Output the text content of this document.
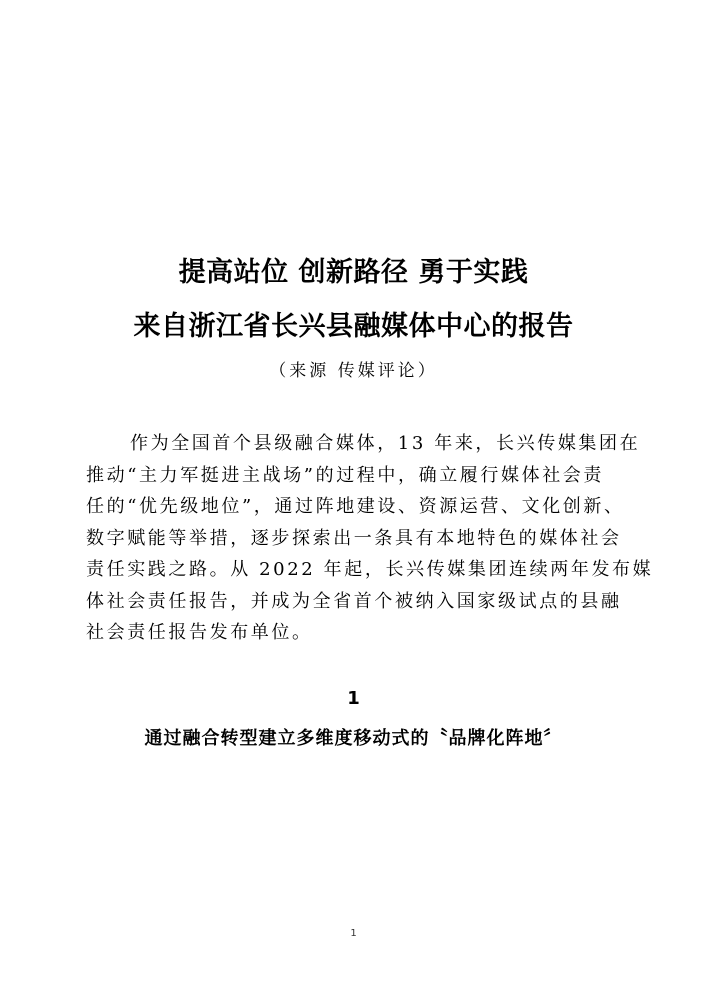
提高站位 创新路径 勇于实践
来自浙江省长兴县融媒体中心的报告
（来源 传媒评论）
作为全国首个县级融合媒体，13 年来，长兴传媒集团在
推动“主力军挺进主战场”的过程中，确立履行媒体社会责
任的“优先级地位”，通过阵地建设、资源运营、文化创新、
数字赋能等举措，逐步探索出一条具有本地特色的媒体社会
责任实践之路。从 2022 年起，长兴传媒集团连续两年发布媒
体社会责任报告，并成为全省首个被纳入国家级试点的县融
社会责任报告发布单位。
1
通过融合转型建立多维度移动式的〝品牌化阵地〞
1
